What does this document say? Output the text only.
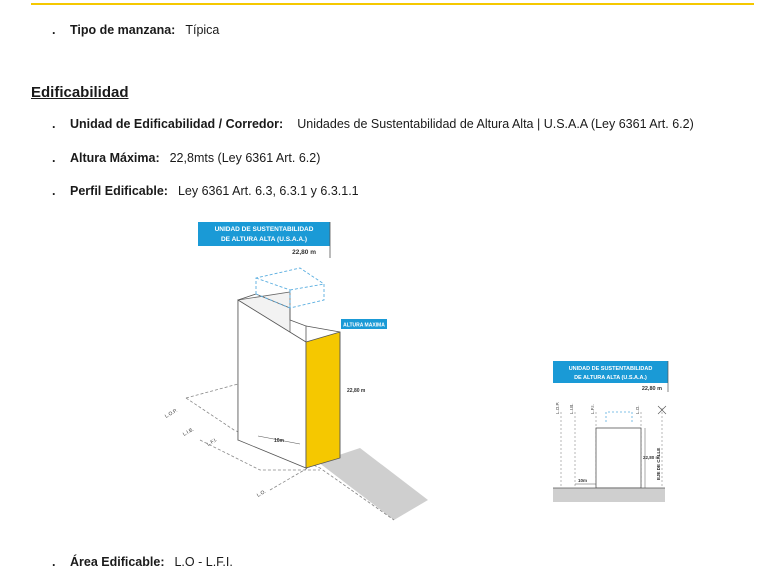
. Tipo de manzana: Típica
Edificabilidad
. Unidad de Edificabilidad / Corredor: Unidades de Sustentabilidad de Altura Alta | U.S.A.A (Ley 6361 Art. 6.2)
. Altura Máxima: 22,8mts (Ley 6361 Art. 6.2)
. Perfil Edificable: Ley 6361 Art. 6.3, 6.3.1 y 6.3.1.1
UNIDAD DE SUSTENTABILIDAD
DE ALTURA ALTA (U.S.A.A.)
22,80 m
ALTURA MAXIMA
22,80 m
10m
L.O.P.
L.I.B.
L.F.I.
L.O.
UNIDAD DE SUSTENTABILIDAD
DE ALTURA ALTA (U.S.A.A.)
22,80 m
L.O.P. L.I.B.	L.F.I.	L.O.
22,80 m
10m
EJE DE CALLE
. Área Edificable: L.O - L.F.I.
